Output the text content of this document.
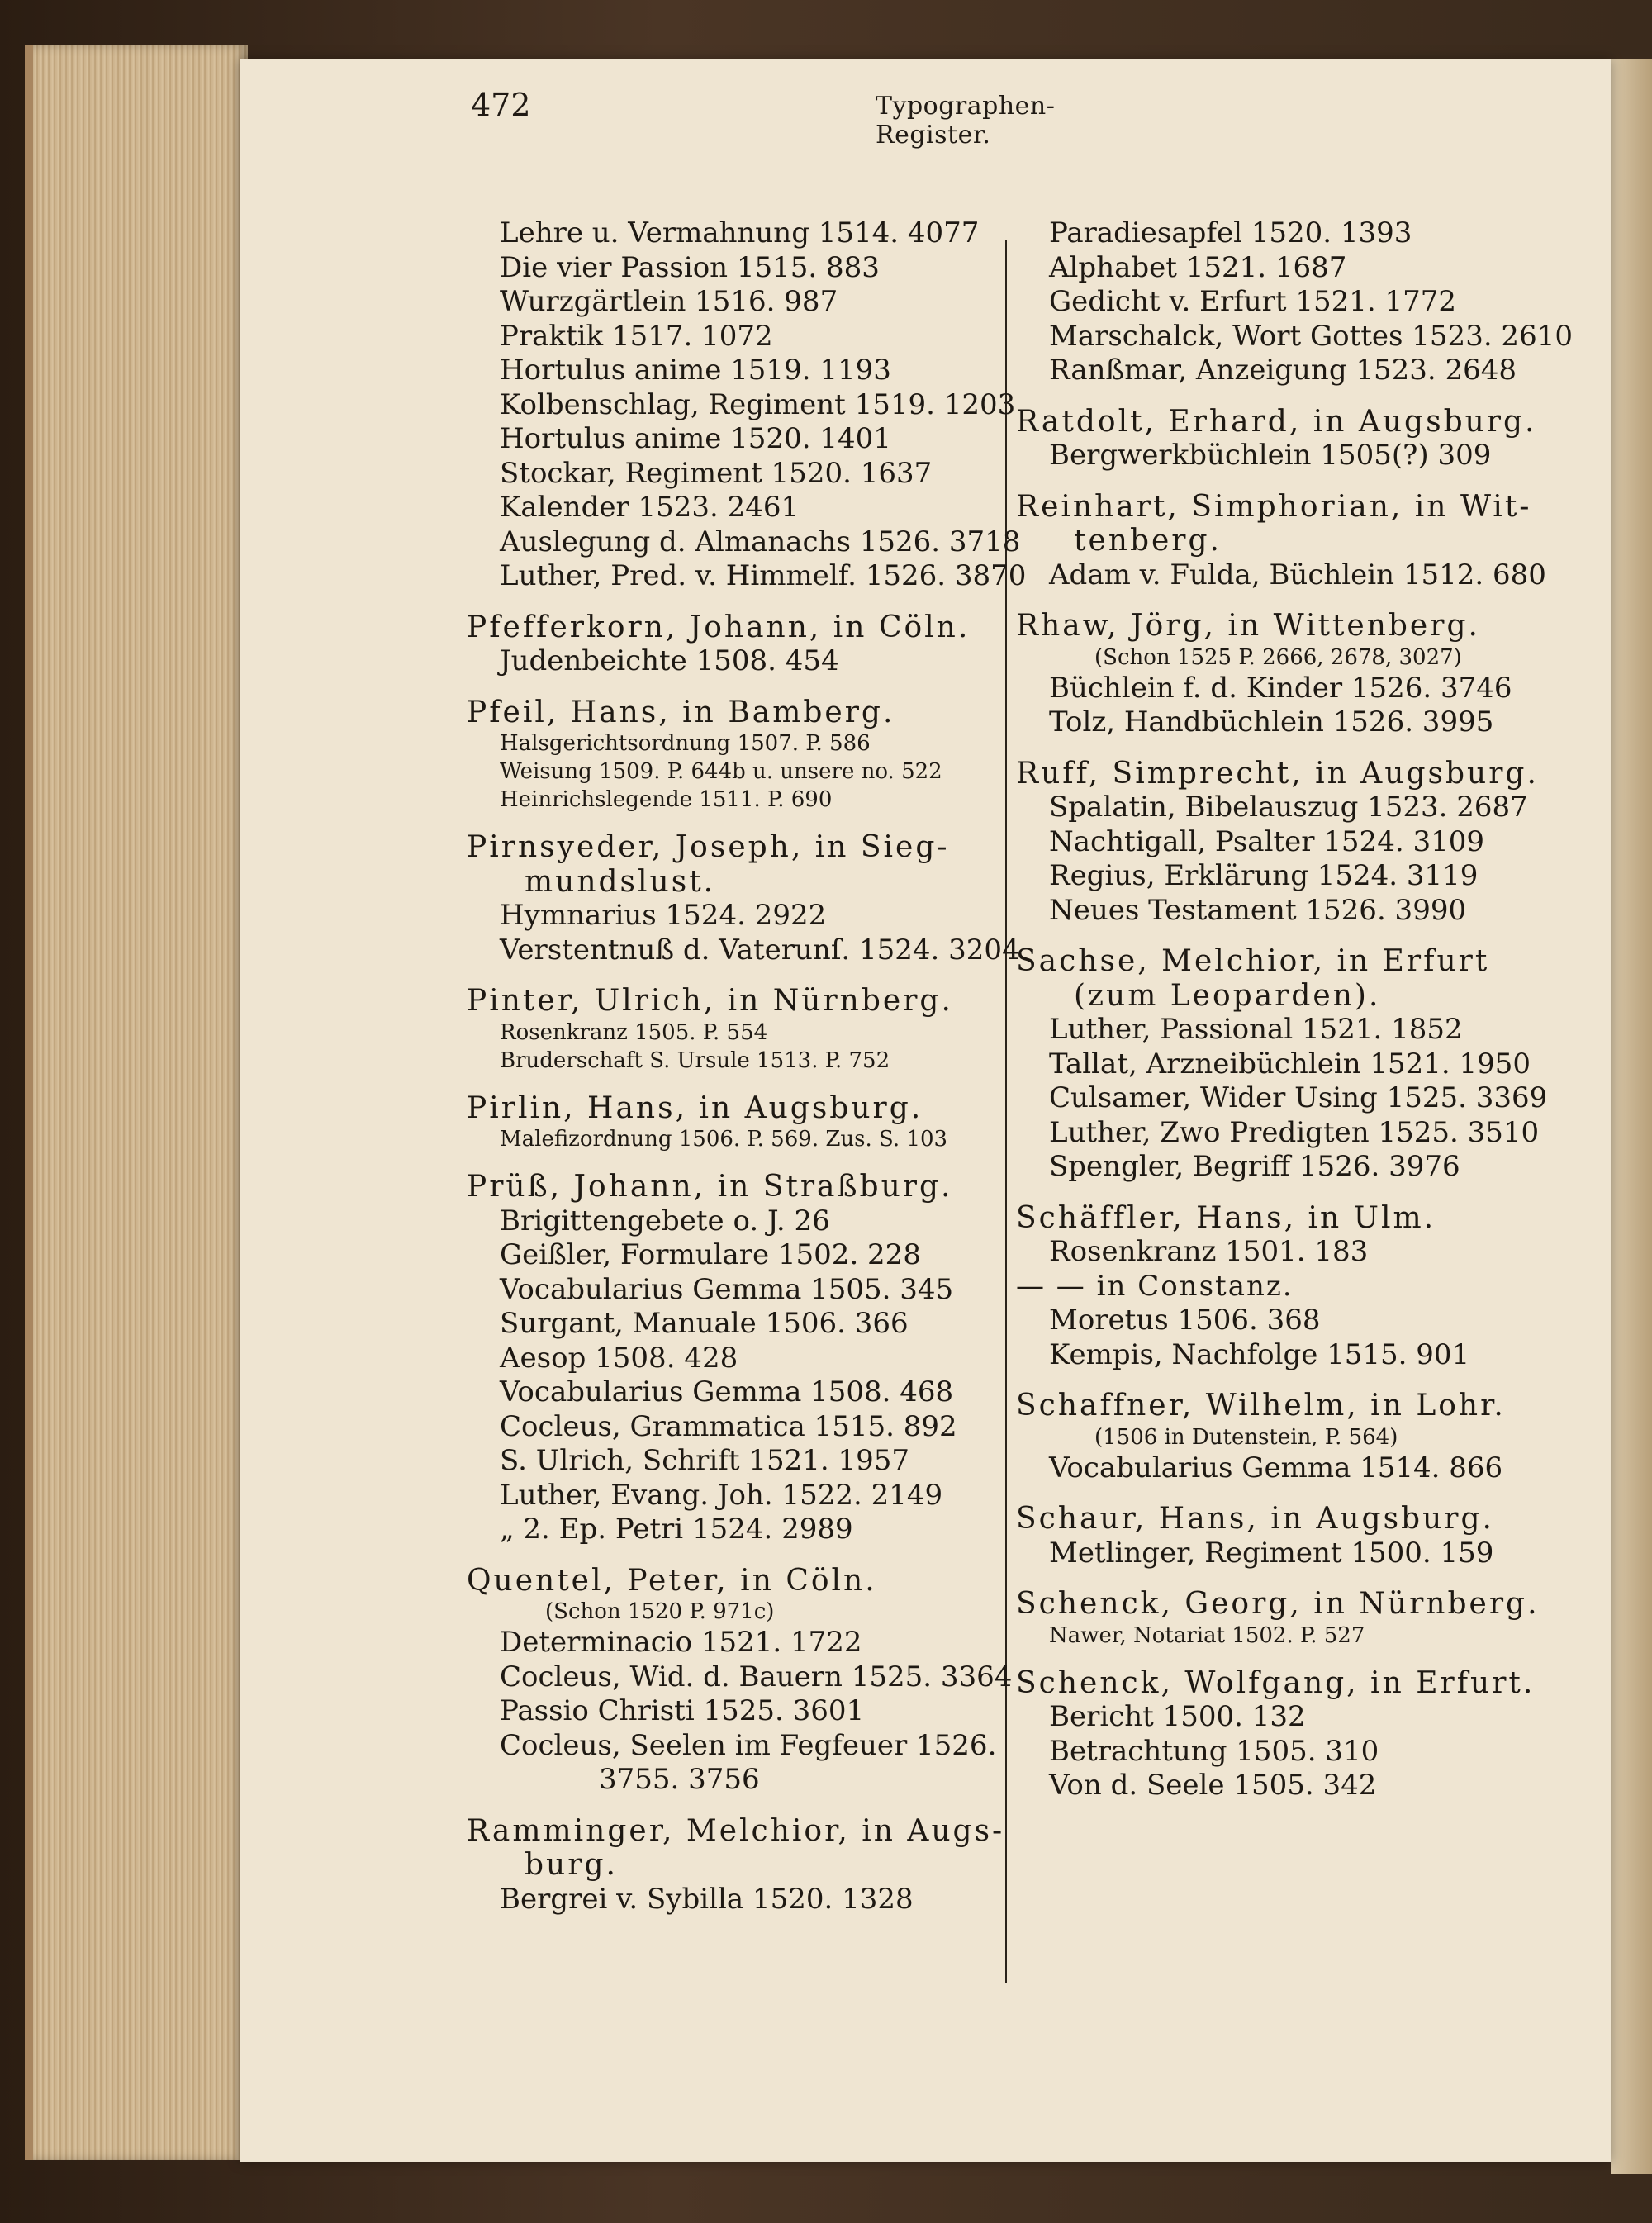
472	Typographen-Register.
Lehre u. Vermahnung 1514. 4077
Die vier Passion 1515. 883
Wurzgärtlein 1516. 987
Praktik 1517. 1072
Hortulus anime 1519. 1193
Kolbenschlag, Regiment 1519. 1203
Hortulus anime 1520. 1401
Stockar, Regiment 1520. 1637
Kalender 1523. 2461
Auslegung d. Almanachs 1526. 3718
Luther, Pred. v. Himmelf. 1526. 3870
Pfefferkorn, Johann, in Cöln.
Judenbeichte 1508. 454
Pfeil, Hans, in Bamberg.
Halsgerichtsordnung 1507. P. 586
Weisung 1509. P. 644b u. unsere no. 522
Heinrichslegende 1511. P. 690
Pirnsyeder, Joseph, in Sieg-
mundslust.
Hymnarius 1524. 2922
Verstentnuß d. Vaterunſ. 1524. 3204
Pinter, Ulrich, in Nürnberg.
Rosenkranz 1505. P. 554
Bruderschaft S. Ursule 1513. P. 752
Pirlin, Hans, in Augsburg.
Malefizordnung 1506. P. 569. Zus. S. 103
Prüß, Johann, in Straßburg.
Brigittengebete o. J. 26
Geißler, Formulare 1502. 228
Vocabularius Gemma 1505. 345
Surgant, Manuale 1506. 366
Aesop 1508. 428
Vocabularius Gemma 1508. 468
Cocleus, Grammatica 1515. 892
S. Ulrich, Schrift 1521. 1957
Luther, Evang. Joh. 1522. 2149
„ 2. Ep. Petri 1524. 2989
Quentel, Peter, in Cöln.
(Schon 1520 P. 971c)
Determinacio 1521. 1722
Cocleus, Wid. d. Bauern 1525. 3364
Passio Christi 1525. 3601
Cocleus, Seelen im Fegfeuer 1526.
3755. 3756
Ramminger, Melchior, in Augs-
burg.
Bergrei v. Sybilla 1520. 1328
Paradiesapfel 1520. 1393
Alphabet 1521. 1687
Gedicht v. Erfurt 1521. 1772
Marschalck, Wort Gottes 1523. 2610
Ranßmar, Anzeigung 1523. 2648
Ratdolt, Erhard, in Augsburg.
Bergwerkbüchlein 1505(?) 309
Reinhart, Simphorian, in Wit-
tenberg.
Adam v. Fulda, Büchlein 1512. 680
Rhaw, Jörg, in Wittenberg.
(Schon 1525 P. 2666, 2678, 3027)
Büchlein f. d. Kinder 1526. 3746
Tolz, Handbüchlein 1526. 3995
Ruff, Simprecht, in Augsburg.
Spalatin, Bibelauszug 1523. 2687
Nachtigall, Psalter 1524. 3109
Regius, Erklärung 1524. 3119
Neues Testament 1526. 3990
Sachse, Melchior, in Erfurt
(zum Leoparden).
Luther, Passional 1521. 1852
Tallat, Arzneibüchlein 1521. 1950
Culsamer, Wider Using 1525. 3369
Luther, Zwo Predigten 1525. 3510
Spengler, Begriff 1526. 3976
Schäffler, Hans, in Ulm.
Rosenkranz 1501. 183
— — in Constanz.
Moretus 1506. 368
Kempis, Nachfolge 1515. 901
Schaffner, Wilhelm, in Lohr.
(1506 in Dutenstein, P. 564)
Vocabularius Gemma 1514. 866
Schaur, Hans, in Augsburg.
Metlinger, Regiment 1500. 159
Schenck, Georg, in Nürnberg.
Nawer, Notariat 1502. P. 527
Schenck, Wolfgang, in Erfurt.
Bericht 1500. 132
Betrachtung 1505. 310
Von d. Seele 1505. 342
